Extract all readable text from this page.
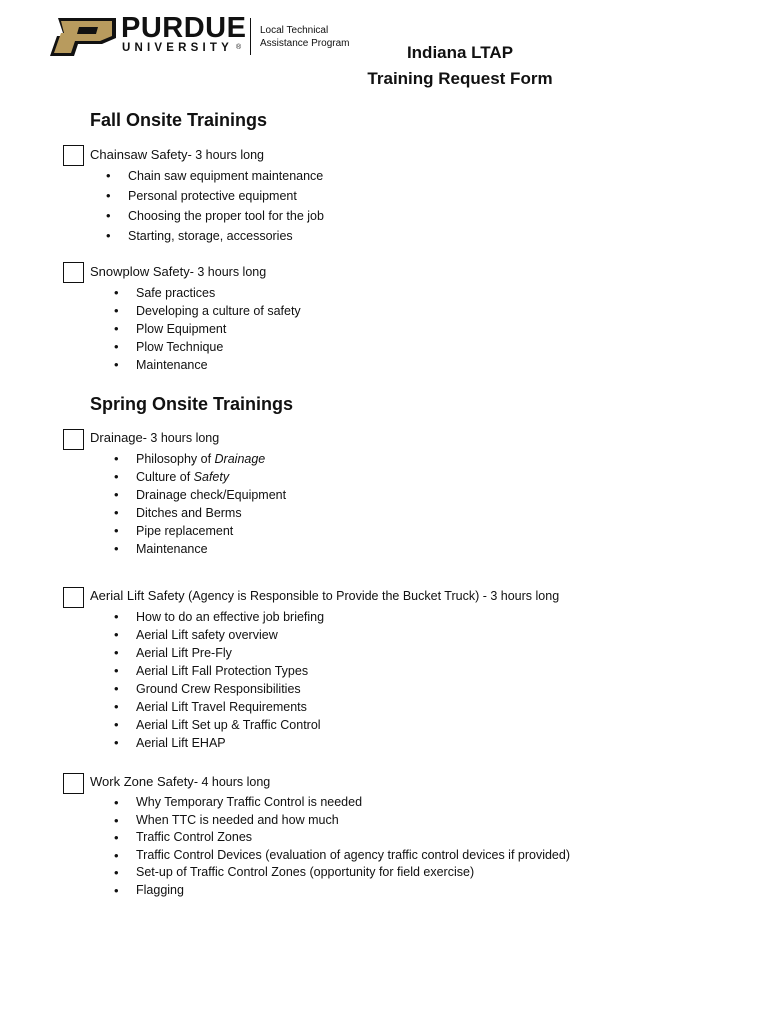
PURDUE
UNIVERSITY ®
Local Technical
Assistance Program	Indiana LTAP
Training Request Form
Fall Onsite Trainings
Chainsaw Safety- 3 hours long
• Chain saw equipment maintenance
• Personal protective equipment
• Choosing the proper tool for the job
• Starting, storage, accessories
Snowplow Safety- 3 hours long
• Safe practices
• Developing a culture of safety
• Plow Equipment
• Plow Technique
• Maintenance
Spring Onsite Trainings
Drainage- 3 hours long
• Philosophy of Drainage
• Culture of Safety
• Drainage check/Equipment
• Ditches and Berms
• Pipe replacement
• Maintenance
Aerial Lift Safety (Agency is Responsible to Provide the Bucket Truck) - 3 hours long
• How to do an effective job briefing
• Aerial Lift safety overview
• Aerial Lift Pre-Fly
• Aerial Lift Fall Protection Types
• Ground Crew Responsibilities
• Aerial Lift Travel Requirements
• Aerial Lift Set up & Traffic Control
• Aerial Lift EHAP
Work Zone Safety- 4 hours long
• Why Temporary Traffic Control is needed
• When TTC is needed and how much
• Traffic Control Zones
• Traffic Control Devices (evaluation of agency traffic control devices if provided)
• Set-up of Traffic Control Zones (opportunity for field exercise)
• Flagging
